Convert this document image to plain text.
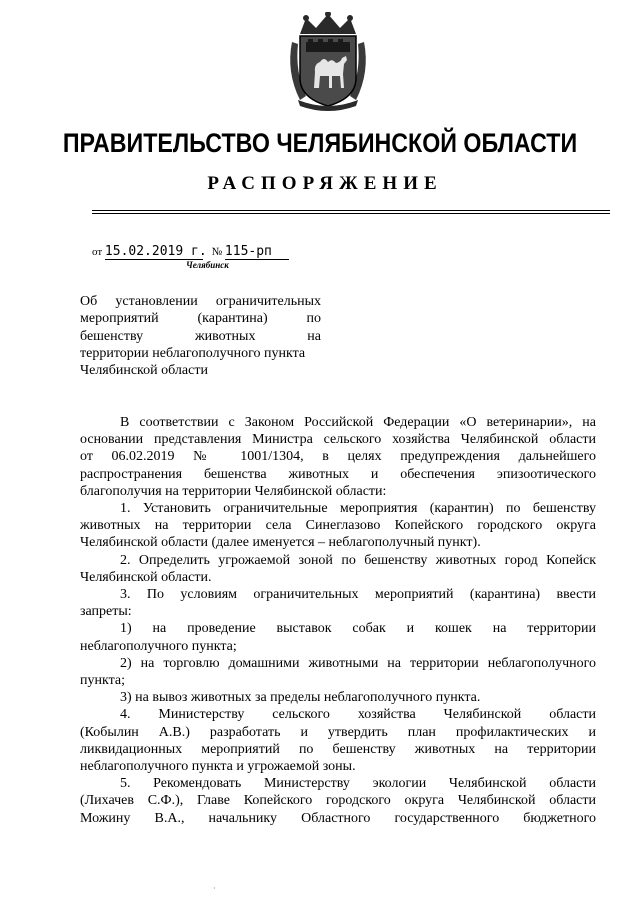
ПРАВИТЕЛЬСТВО ЧЕЛЯБИНСКОЙ ОБЛАСТИ
РАСПОРЯЖЕНИЕ
от 15.02.2019 г. № 115-рп
Челябинск
Об установлении ограничительных
мероприятий (карантина) по
бешенству животных на
территории неблагополучного пункта
Челябинской области
В соответствии с Законом Российской Федерации «О ветеринарии», на
основании представления Министра сельского хозяйства Челябинской области
от 06.02.2019 № 1001/1304, в целях предупреждения дальнейшего
распространения бешенства животных и обеспечения эпизоотического
благополучия на территории Челябинской области:
1. Установить ограничительные мероприятия (карантин) по бешенству
животных на территории села Синеглазово Копейского городского округа
Челябинской области (далее именуется – неблагополучный пункт).
2. Определить угрожаемой зоной по бешенству животных город Копейск
Челябинской области.
3. По условиям ограничительных мероприятий (карантина) ввести
запреты:
1) на проведение выставок собак и кошек на территории
неблагополучного пункта;
2) на торговлю домашними животными на территории неблагополучного
пункта;
3) на вывоз животных за пределы неблагополучного пункта.
4. Министерству сельского хозяйства Челябинской области
(Кобылин А.В.) разработать и утвердить план профилактических и
ликвидационных мероприятий по бешенству животных на территории
неблагополучного пункта и угрожаемой зоны.
5. Рекомендовать Министерству экологии Челябинской области
(Лихачев С.Ф.), Главе Копейского городского округа Челябинской области
Можину В.А., начальнику Областного государственного бюджетного
·
